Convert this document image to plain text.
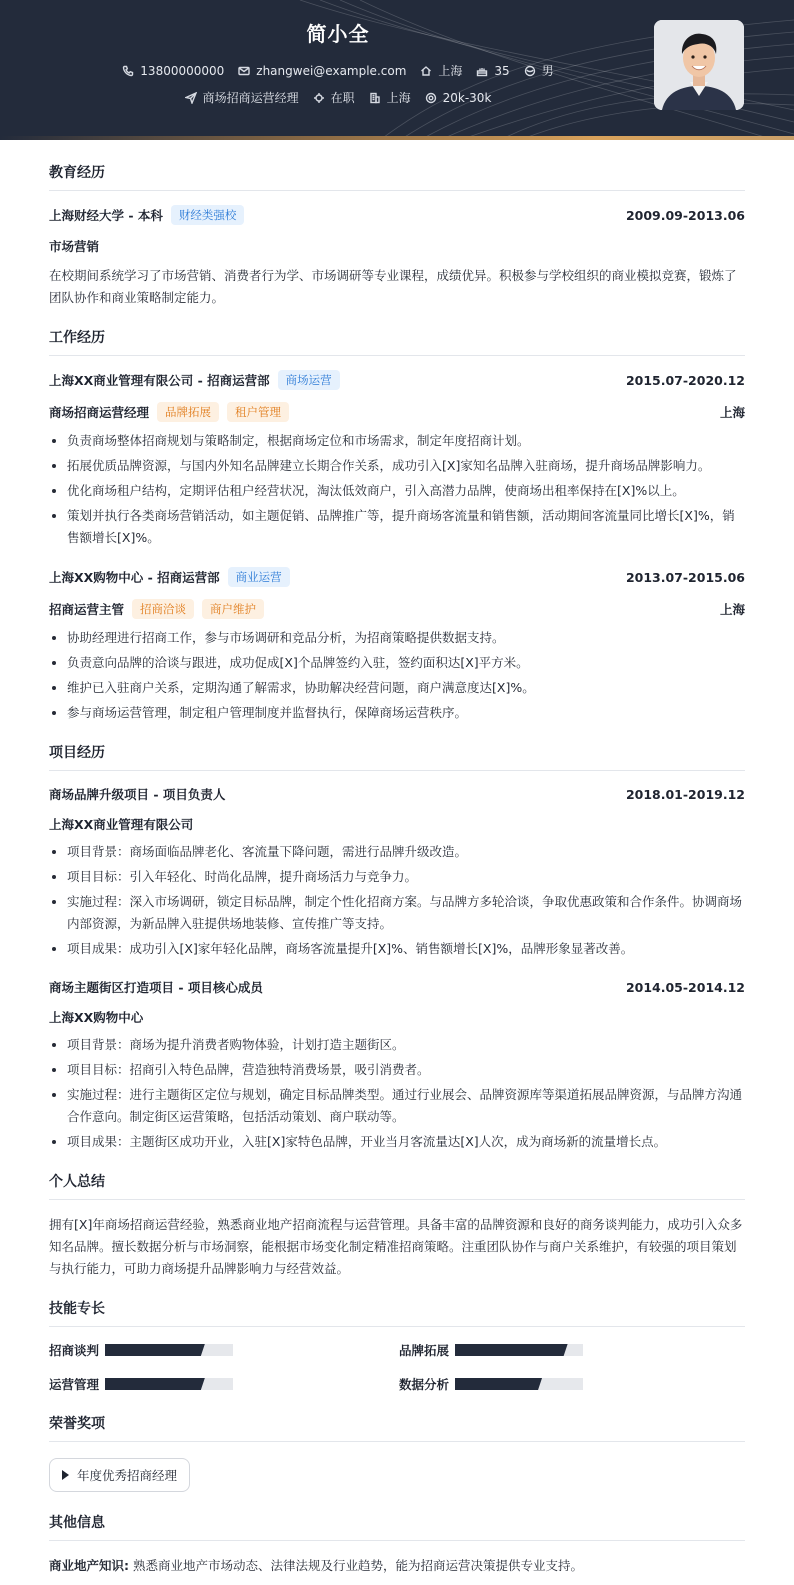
简小全
13800000000	zhangwei@example.com	上海	35	男
商场招商运营经理	在职	上海	20k-30k
教育经历
上海财经大学 - 本科	财经类强校	2009.09-2013.06
市场营销
在校期间系统学习了市场营销、消费者行为学、市场调研等专业课程，成绩优异。积极参与学校组织的商业模拟竞赛，锻炼了团队协作和商业策略制定能力。
工作经历
上海XX商业管理有限公司 - 招商运营部	商场运营	2015.07-2020.12
商场招商运营经理	品牌拓展	租户管理	上海
• 负责商场整体招商规划与策略制定，根据商场定位和市场需求，制定年度招商计划。
• 拓展优质品牌资源，与国内外知名品牌建立长期合作关系，成功引入[X]家知名品牌入驻商场，提升商场品牌影响力。
• 优化商场租户结构，定期评估租户经营状况，淘汰低效商户，引入高潜力品牌，使商场出租率保持在[X]%以上。
• 策划并执行各类商场营销活动，如主题促销、品牌推广等，提升商场客流量和销售额，活动期间客流量同比增长[X]%，销售额增长[X]%。
上海XX购物中心 - 招商运营部	商业运营	2013.07-2015.06
招商运营主管	招商洽谈	商户维护	上海
• 协助经理进行招商工作，参与市场调研和竞品分析，为招商策略提供数据支持。
• 负责意向品牌的洽谈与跟进，成功促成[X]个品牌签约入驻，签约面积达[X]平方米。
• 维护已入驻商户关系，定期沟通了解需求，协助解决经营问题，商户满意度达[X]%。
• 参与商场运营管理，制定租户管理制度并监督执行，保障商场运营秩序。
项目经历
商场品牌升级项目 - 项目负责人	2018.01-2019.12
上海XX商业管理有限公司
• 项目背景：商场面临品牌老化、客流量下降问题，需进行品牌升级改造。
• 项目目标：引入年轻化、时尚化品牌，提升商场活力与竞争力。
• 实施过程：深入市场调研，锁定目标品牌，制定个性化招商方案。与品牌方多轮洽谈，争取优惠政策和合作条件。协调商场内部资源，为新品牌入驻提供场地装修、宣传推广等支持。
• 项目成果：成功引入[X]家年轻化品牌，商场客流量提升[X]%、销售额增长[X]%，品牌形象显著改善。
商场主题街区打造项目 - 项目核心成员	2014.05-2014.12
上海XX购物中心
• 项目背景：商场为提升消费者购物体验，计划打造主题街区。
• 项目目标：招商引入特色品牌，营造独特消费场景，吸引消费者。
• 实施过程：进行主题街区定位与规划，确定目标品牌类型。通过行业展会、品牌资源库等渠道拓展品牌资源，与品牌方沟通合作意向。制定街区运营策略，包括活动策划、商户联动等。
• 项目成果：主题街区成功开业，入驻[X]家特色品牌，开业当月客流量达[X]人次，成为商场新的流量增长点。
个人总结
拥有[X]年商场招商运营经验，熟悉商业地产招商流程与运营管理。具备丰富的品牌资源和良好的商务谈判能力，成功引入众多知名品牌。擅长数据分析与市场洞察，能根据市场变化制定精准招商策略。注重团队协作与商户关系维护，有较强的项目策划与执行能力，可助力商场提升品牌影响力与经营效益。
技能专长
招商谈判	品牌拓展
运营管理	数据分析
荣誉奖项
年度优秀招商经理
其他信息
商业地产知识: 熟悉商业地产市场动态、法律法规及行业趋势，能为招商运营决策提供专业支持。
